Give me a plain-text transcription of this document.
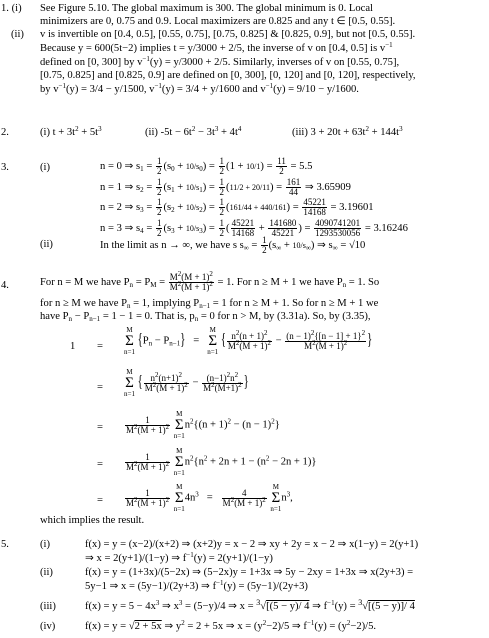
1. (i) See Figure 5.10. The global maximum is 300. The global minimum is 0. Local
minimizers are 0, 0.75 and 0.9. Local maximizers are 0.825 and any t ∈ [0.5, 0.55].
(ii) v is invertible on [0.4, 0.5], [0.55, 0.75], [0.75, 0.825] & [0.825, 0.9], but not [0.5, 0.55].
Because y = 600(5t−2) implies t = y/3000 + 2/5, the inverse of v on [0.4, 0.5] is $v^{-1}$
defined on [0, 300] by $v^{-1}(y) = y/3000 + 2/5$. Similarly, inverses of v on [0.55, 0.75],
[0.75, 0.825] and [0.825, 0.9] are defined on [0, 300], [0, 120] and [0, 120], respectively,
by $v^{-1}(y) = 3/4 - y/1500$, $v^{-1}(y) = 3/4 + y/1600$ and $v^{-1}(y) = 9/10 - y/1600$.
2.	(i) $t + 3t^2 + 5t^3$	(ii) $-5t - 6t^2 - 3t^3 + 4t^4$	(iii) $3 + 20t + 63t^2 + 144t^3$
3.	(i)	n = 0 ⇒ $s_1 = \frac{1}{2} (s_0 + 10/s_0) = \frac{1}{2} (1 + 10/1) = \frac{11}{2} = 5.5$
n = 1 ⇒ $s_2 = \frac{1}{2} (s_1 + 10/s_1) = \frac{1}{2} (11/2 + 20/11) = \frac{161}{44}$ ⇒ 3.65909
n = 2 ⇒ $s_3 = \frac{1}{2} (s_2 + 10/s_2) = \frac{1}{2} (161/44 + 440/161) = \frac{45221}{14168} = 3.19601$
n = 3 ⇒ $s_4 = \frac{1}{2} (s_3 + 10/s_3) = \frac{1}{2}$ ( $\frac{45221}{14168} + \frac{141680}{45221}$ ) = $\frac{4090741201}{1293530056} = 3.16246$
(ii)	In the limit as n → ∞, we have s $s_\infty = \frac{1}{2} (s_\infty + 10/s_\infty)$ ⇒ $s_\infty = √10$
4.	For n = M we have $P_n = P_M = \frac{M^2(M + 1)^2}{M^2(M + 1)^2} = 1$. For n ≥ M + 1 we have $P_n = 1$. So
for n ≥ M we have $P_n = 1$, implying $P_{n-1} = 1$ for n ≥ M + 1. So for n ≥ M + 1 we
have $P_n - P_{n-1} = 1 - 1 = 0$. That is, $p_n = 0$ for n > M, by (3.31a). So, by (3.35),
1 =
M
Σ
n=1 $\{P_n - P_{n-1}\} = M$
Σ
n=1 { $\frac{n^2(n + 1)^2}{M^2(M + 1)^2} - \frac{(n - 1)^2\{[n - 1] + 1\}^2}{M^2(M + 1)^2}$ }
=
M
Σ
n=1 { $\frac{n^2(n+1)^2}{M^2(M + 1)^2} - \frac{(n-1)^2n^2}{M^2(M+1)^2}$ }
= $\frac{1}{M^2(M + 1)^2}$
M
Σ
$n=1n^2\{(n + 1)^2 - (n - 1)^2\}$
= $\frac{1}{M^2(M + 1)^2}$
M
Σ
$n=1n^2\{n^2 + 2n + 1 - (n^2 - 2n + 1)\}$
= $\frac{1}{M^2(M + 1)^2}$
M
Σ
$n=14n^3 = \frac{4}{M^2(M + 1)^2}$
M
Σ
$n=1n^3$,
which implies the result.
5.	(i)	f(x) = y = (x−2)/(x+2) ⇒ (x+2)y = x − 2 ⇒ xy + 2y = x − 2 ⇒ x(1−y) = 2(y+1)
⇒ x = 2(y+1)/(1−y) ⇒ $f^{-1}(y) = 2(y+1)/(1-y)$
(ii)	f(x) = y = (1+3x)/(5−2x) ⇒ (5−2x)y = 1+3x ⇒ 5y − 2xy = 1+3x ⇒ x(2y+3) =
5y−1 ⇒ x = (5y−1)/(2y+3) ⇒ $f^{-1}(y) = (5y-1)/(2y+3)$
(iii)	$f(x) = y = 5 - 4x^3$ ⇒ $x^3 = (5-y)/4$ ⇒ x = $^3$√[(5 − y)/ 4 ⇒ $f^{-1}(y) = ^3√[(5 - y)]/$ 4
(iv)	f(x) = y = √2 + 5x ⇒ $y^2 = 2 + 5x$ ⇒ $x = (y^2-2)/5$ ⇒ $f^{-1}(y) = (y^2-2)/5$.
